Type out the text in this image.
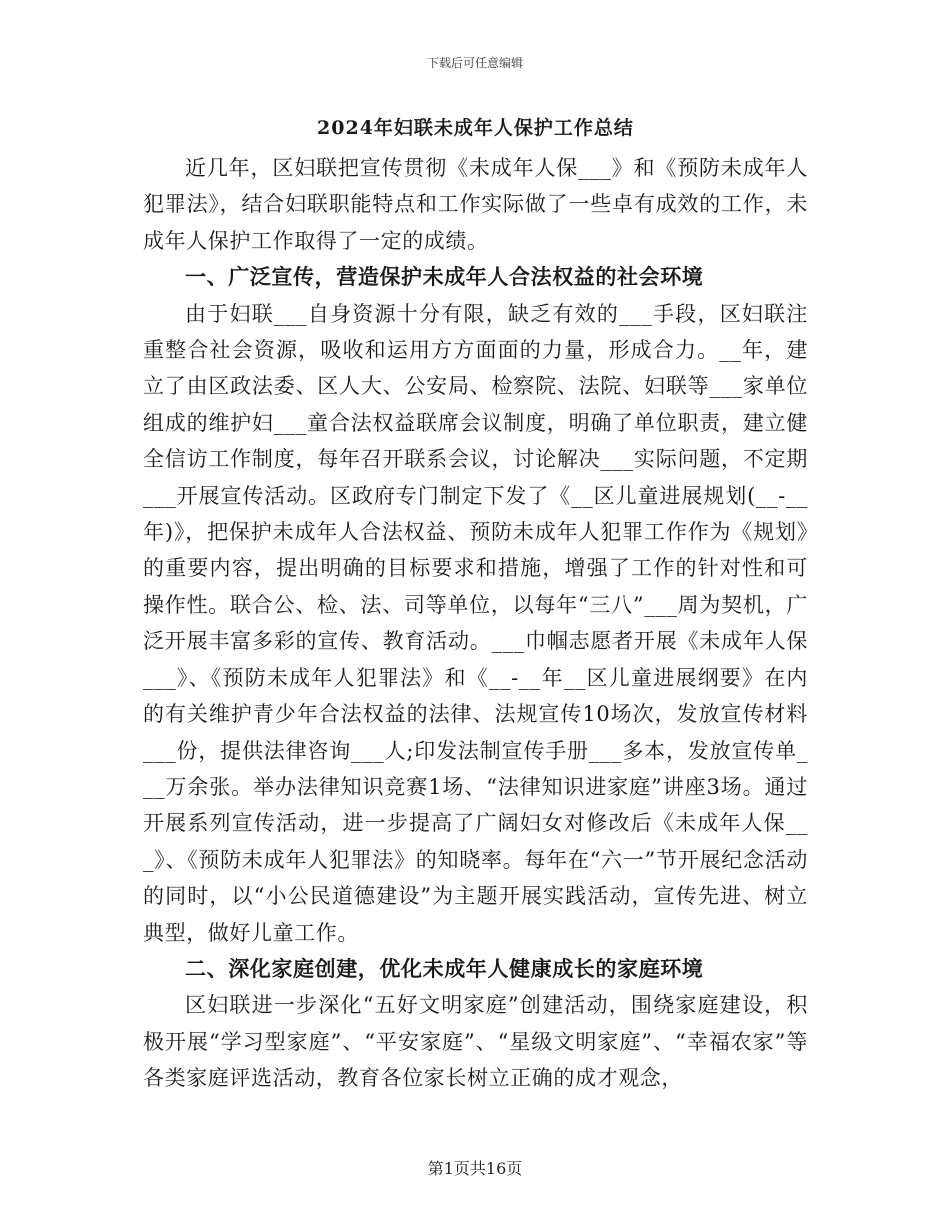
下载后可任意编辑
2024年妇联未成年人保护工作总结

近几年，区妇联把宣传贯彻《未成年人保___》和《预防未成年人犯罪法》，结合妇联职能特点和工作实际做了一些卓有成效的工作，未成年人保护工作取得了一定的成绩。

一、广泛宣传，营造保护未成年人合法权益的社会环境

由于妇联___自身资源十分有限，缺乏有效的___手段，区妇联注重整合社会资源，吸收和运用方方面面的力量，形成合力。__年，建立了由区政法委、区人大、公安局、检察院、法院、妇联等___家单位组成的维护妇___童合法权益联席会议制度，明确了单位职责，建立健全信访工作制度，每年召开联系会议，讨论解决___实际问题，不定期___开展宣传活动。区政府专门制定下发了《__区儿童进展规划(__-__年)》，把保护未成年人合法权益、预防未成年人犯罪工作作为《规划》的重要内容，提出明确的目标要求和措施，增强了工作的针对性和可操作性。联合公、检、法、司等单位，以每年“三八”___周为契机，广泛开展丰富多彩的宣传、教育活动。___巾帼志愿者开展《未成年人保___》、《预防未成年人犯罪法》和《__-__年__区儿童进展纲要》在内的有关维护青少年合法权益的法律、法规宣传10场次，发放宣传材料___份，提供法律咨询___人;印发法制宣传手册___多本，发放宣传单___万余张。举办法律知识竞赛1场、“法律知识进家庭”讲座3场。通过开展系列宣传活动，进一步提高了广阔妇女对修改后《未成年人保___》、《预防未成年人犯罪法》的知晓率。每年在“六一”节开展纪念活动的同时，以“小公民道德建设”为主题开展实践活动，宣传先进、树立典型，做好儿童工作。

二、深化家庭创建，优化未成年人健康成长的家庭环境

区妇联进一步深化“五好文明家庭”创建活动，围绕家庭建设，积极开展“学习型家庭”、“平安家庭”、“星级文明家庭”、“幸福农家”等各类家庭评选活动，教育各位家长树立正确的成才观念，

第1页共16页
